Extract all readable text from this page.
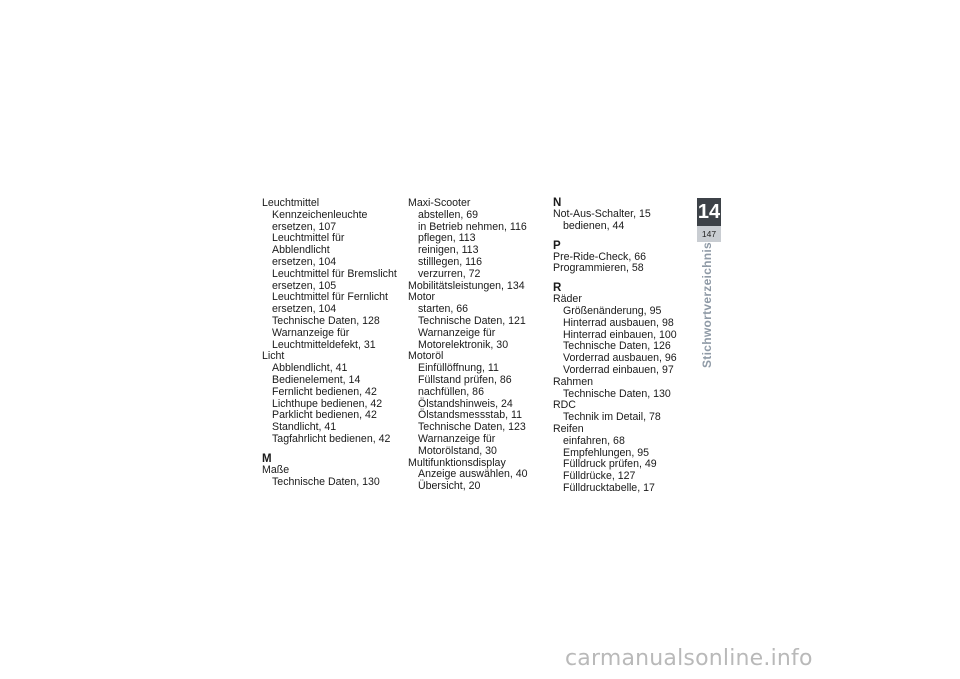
Leuchtmittel
Kennzeichenleuchte
ersetzen, 107
Leuchtmittel für Abblendlicht
ersetzen, 104
Leuchtmittel für Bremslicht
ersetzen, 105
Leuchtmittel für Fernlicht
ersetzen, 104
Technische Daten, 128
Warnanzeige für
Leuchtmitteldefekt, 31
Licht
Abblendlicht, 41
Bedienelement, 14
Fernlicht bedienen, 42
Lichthupe bedienen, 42
Parklicht bedienen, 42
Standlicht, 41
Tagfahrlicht bedienen, 42
M
Maße
Technische Daten, 130
Maxi-Scooter
abstellen, 69
in Betrieb nehmen, 116
pflegen, 113
reinigen, 113
stilllegen, 116
verzurren, 72
Mobilitätsleistungen, 134
Motor
starten, 66
Technische Daten, 121
Warnanzeige für
Motorelektronik, 30
Motoröl
Einfüllöffnung, 11
Füllstand prüfen, 86
nachfüllen, 86
Ölstandshinweis, 24
Ölstandsmessstab, 11
Technische Daten, 123
Warnanzeige für
Motorölstand, 30
Multifunktionsdisplay
Anzeige auswählen, 40
Übersicht, 20
N
Not-Aus-Schalter, 15
bedienen, 44
P
Pre-Ride-Check, 66
Programmieren, 58
R
Räder
Größenänderung, 95
Hinterrad ausbauen, 98
Hinterrad einbauen, 100
Technische Daten, 126
Vorderrad ausbauen, 96
Vorderrad einbauen, 97
Rahmen
Technische Daten, 130
RDC
Technik im Detail, 78
Reifen
einfahren, 68
Empfehlungen, 95
Fülldruck prüfen, 49
Fülldrücke, 127
Fülldrucktabelle, 17
14
147
Stichwortverzeichnis
carmanualsonline.info
